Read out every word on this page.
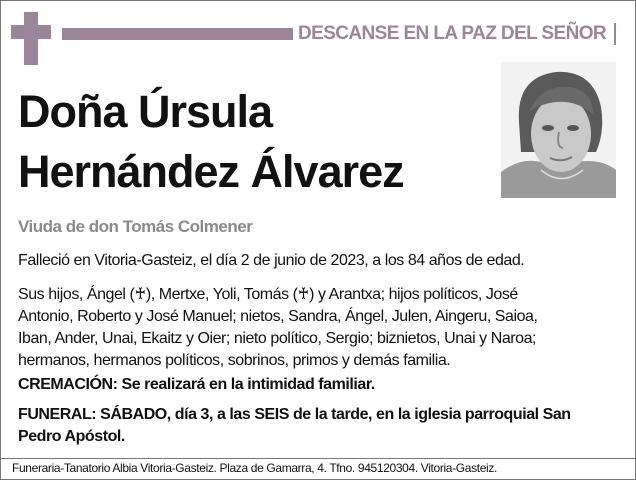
DESCANSE EN LA PAZ DEL SEÑOR
Doña Úrsula
Hernández Álvarez
Viuda de don Tomás Colmener
Falleció en Vitoria-Gasteiz, el día 2 de junio de 2023, a los 84 años de edad.
Sus hijos, Ángel (♰), Mertxe, Yoli, Tomás (♰) y Arantxa; hijos políticos, José
Antonio, Roberto y José Manuel; nietos, Sandra, Ángel, Julen, Aingeru, Saioa,
Iban, Ander, Unai, Ekaitz y Oier; nieto político, Sergio; biznietos, Unai y Naroa;
hermanos, hermanos políticos, sobrinos, primos y demás familia.
CREMACIÓN: Se realizará en la intimidad familiar.
FUNERAL: SÁBADO, día 3, a las SEIS de la tarde, en la iglesia parroquial San
Pedro Apóstol.
Funeraria-Tanatorio Albia Vitoria-Gasteiz. Plaza de Gamarra, 4. Tfno. 945120304. Vitoria-Gasteiz.
